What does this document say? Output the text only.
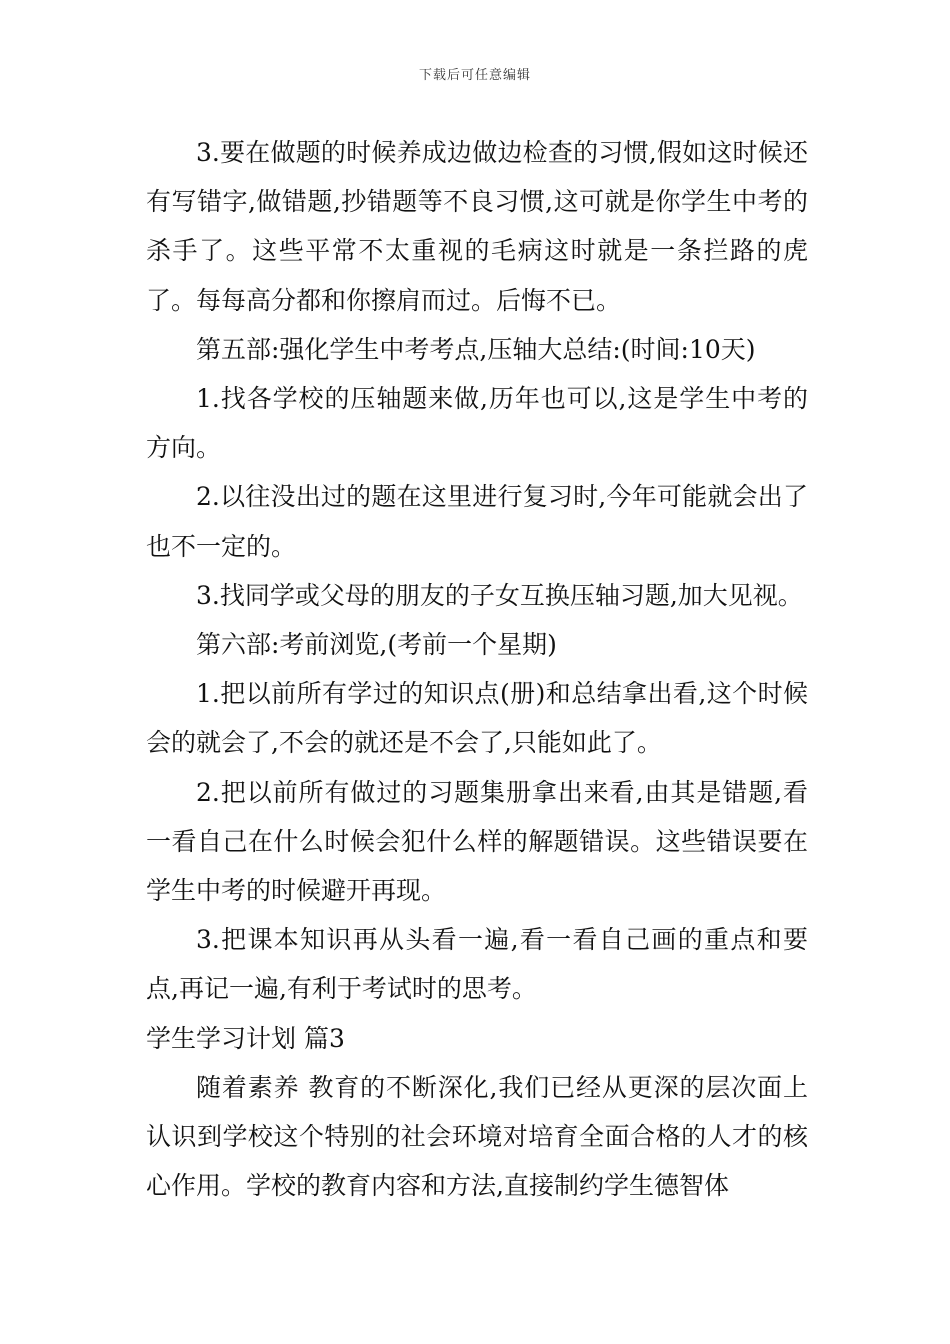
下载后可任意编辑

3.要在做题的时候养成边做边检查的习惯,假如这时候还有写错字,做错题,抄错题等不良习惯,这可就是你学生中考的杀手了。这些平常不太重视的毛病这时就是一条拦路的虎了。每每高分都和你擦肩而过。后悔不已。

第五部:强化学生中考考点,压轴大总结:(时间:10天)

1.找各学校的压轴题来做,历年也可以,这是学生中考的方向。

2.以往没出过的题在这里进行复习时,今年可能就会出了也不一定的。

3.找同学或父母的朋友的子女互换压轴习题,加大见视。

第六部:考前浏览,(考前一个星期)

1.把以前所有学过的知识点(册)和总结拿出看,这个时候会的就会了,不会的就还是不会了,只能如此了。

2.把以前所有做过的习题集册拿出来看,由其是错题,看一看自己在什么时候会犯什么样的解题错误。这些错误要在学生中考的时候避开再现。

3.把课本知识再从头看一遍,看一看自己画的重点和要点,再记一遍,有利于考试时的思考。

学生学习计划 篇3

随着素养 教育的不断深化,我们已经从更深的层次面上认识到学校这个特别的社会环境对培育全面合格的人才的核心作用。学校的教育内容和方法,直接制约学生德智体
